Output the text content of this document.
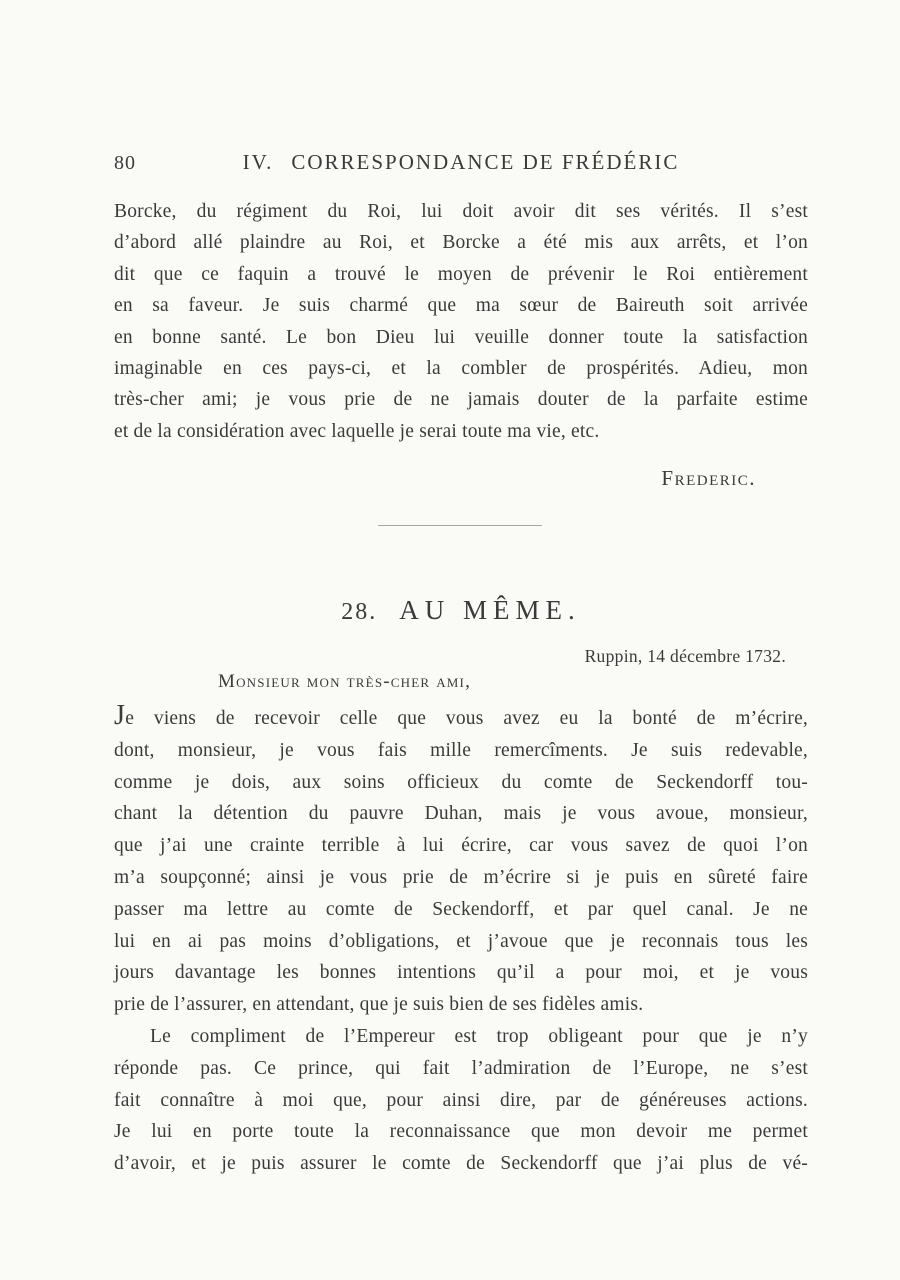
80	IV. CORRESPONDANCE DE FRÉDÉRIC
Borcke, du régiment du Roi, lui doit avoir dit ses vérités. Il s’est
d’abord allé plaindre au Roi, et Borcke a été mis aux arrêts, et l’on
dit que ce faquin a trouvé le moyen de prévenir le Roi entièrement
en sa faveur. Je suis charmé que ma sœur de Baireuth soit arrivée
en bonne santé. Le bon Dieu lui veuille donner toute la satisfaction
imaginable en ces pays-ci, et la combler de prospérités. Adieu, mon
très-cher ami; je vous prie de ne jamais douter de la parfaite estime
et de la considération avec laquelle je serai toute ma vie, etc.
Frederic.
28. AU MÊME.
Ruppin, 14 décembre 1732.
Monsieur mon très-cher ami,
Je viens de recevoir celle que vous avez eu la bonté de m’écrire,
dont, monsieur, je vous fais mille remercîments. Je suis redevable,
comme je dois, aux soins officieux du comte de Seckendorff tou-
chant la détention du pauvre Duhan, mais je vous avoue, monsieur,
que j’ai une crainte terrible à lui écrire, car vous savez de quoi l’on
m’a soupçonné; ainsi je vous prie de m’écrire si je puis en sûreté faire
passer ma lettre au comte de Seckendorff, et par quel canal. Je ne
lui en ai pas moins d’obligations, et j’avoue que je reconnais tous les
jours davantage les bonnes intentions qu’il a pour moi, et je vous
prie de l’assurer, en attendant, que je suis bien de ses fidèles amis.
Le compliment de l’Empereur est trop obligeant pour que je n’y
réponde pas. Ce prince, qui fait l’admiration de l’Europe, ne s’est
fait connaître à moi que, pour ainsi dire, par de généreuses actions.
Je lui en porte toute la reconnaissance que mon devoir me permet
d’avoir, et je puis assurer le comte de Seckendorff que j’ai plus de vé-
